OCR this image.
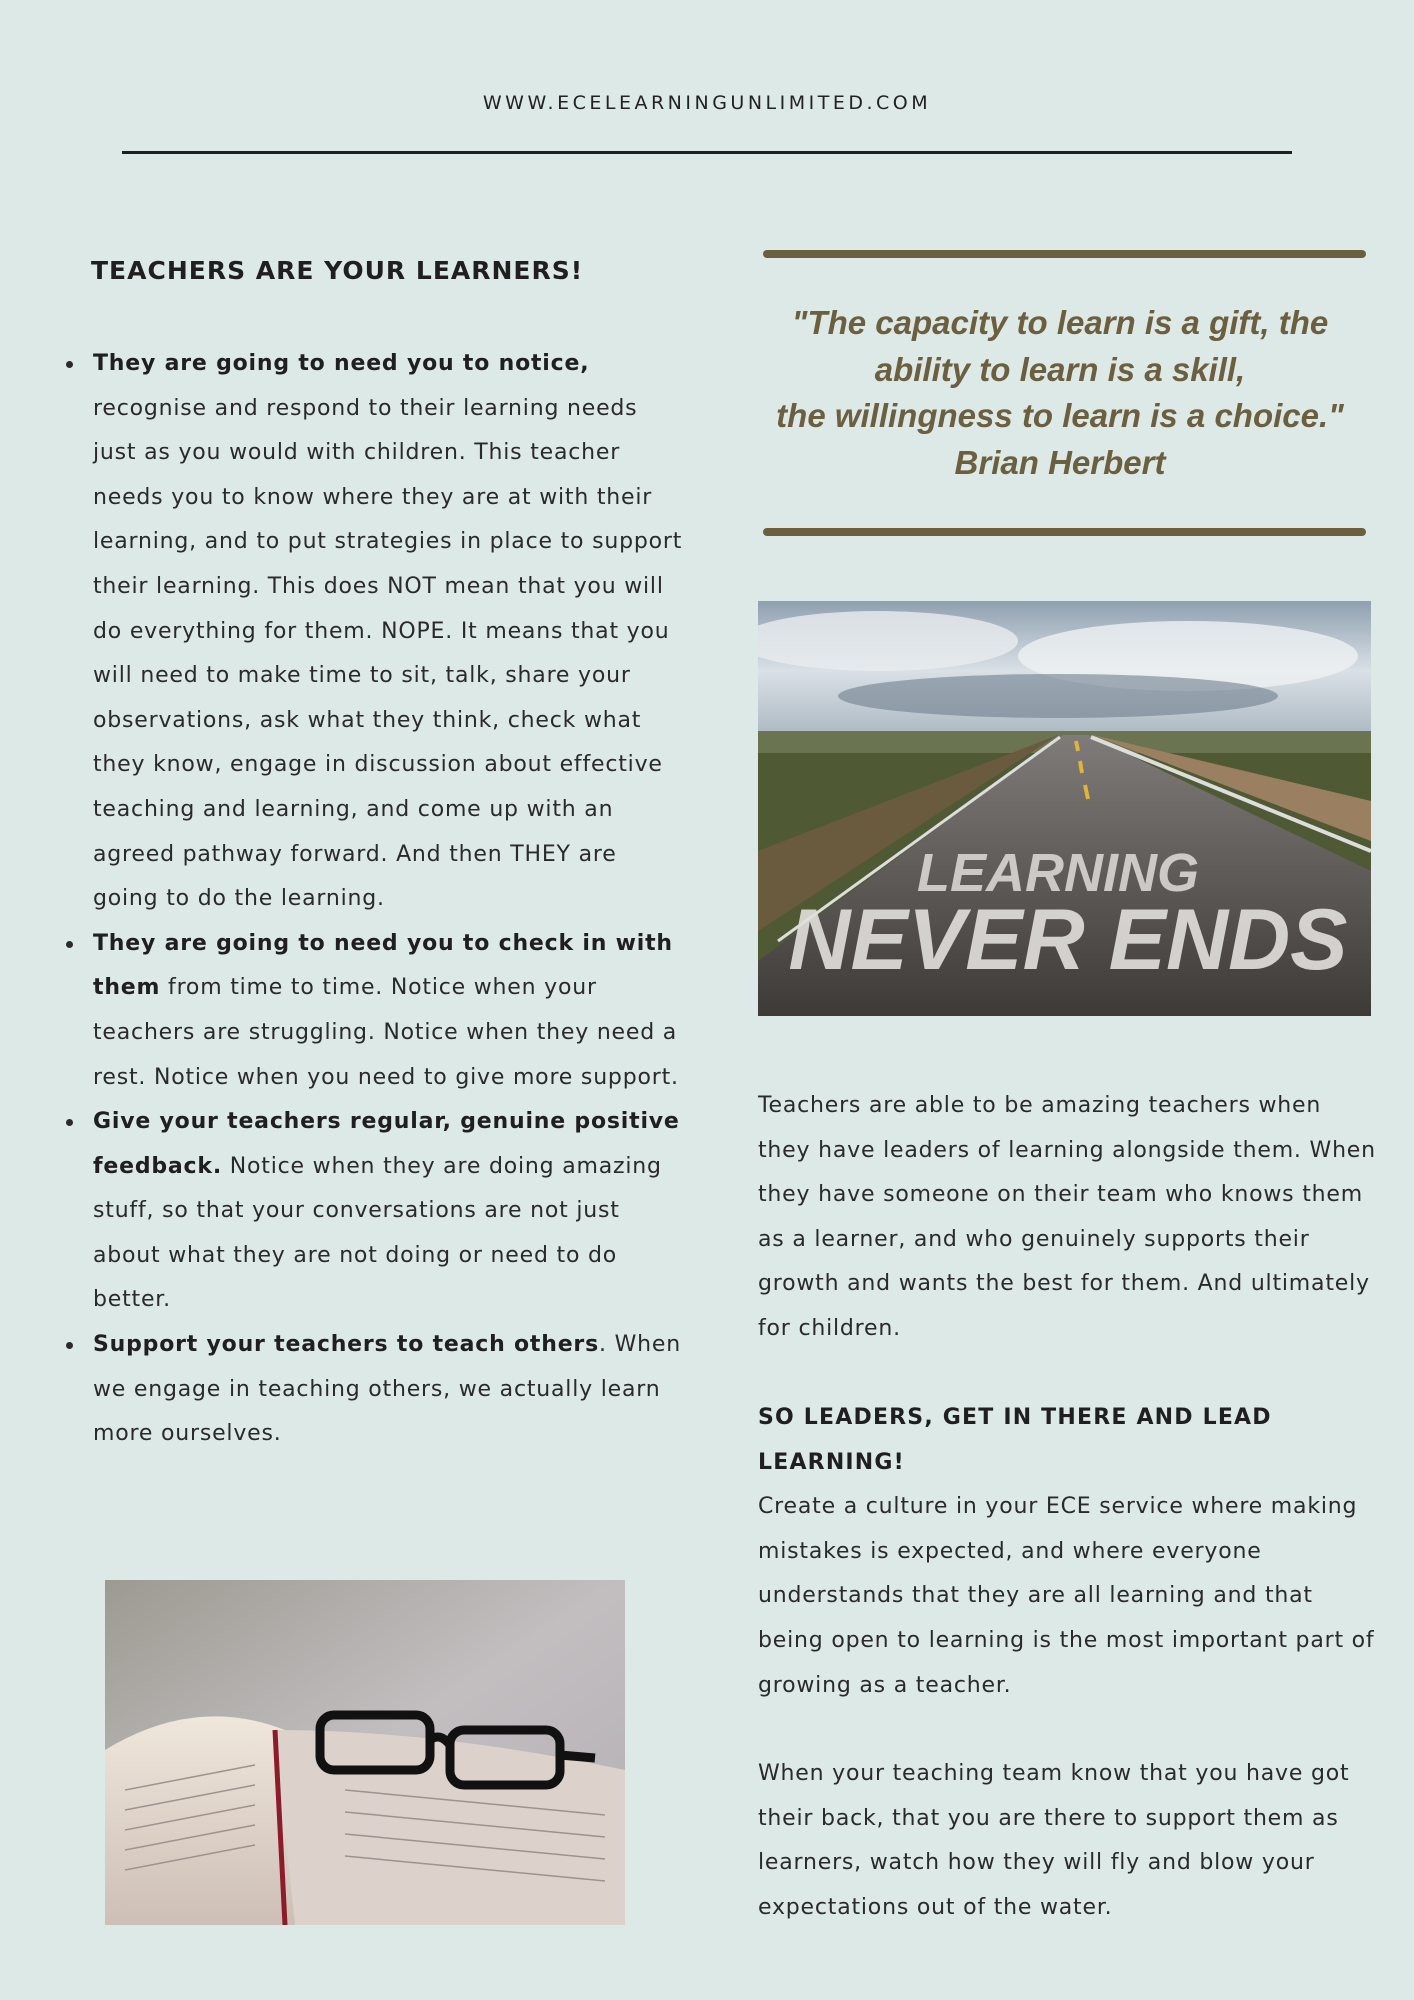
WWW.ECELEARNINGUNLIMITED.COM
TEACHERS ARE YOUR LEARNERS!
They are going to need you to notice, recognise and respond to their learning needs just as you would with children. This teacher needs you to know where they are at with their learning, and to put strategies in place to support their learning. This does NOT mean that you will do everything for them. NOPE. It means that you will need to make time to sit, talk, share your observations, ask what they think, check what they know, engage in discussion about effective teaching and learning, and come up with an agreed pathway forward. And then THEY are going to do the learning.
They are going to need you to check in with them from time to time. Notice when your teachers are struggling. Notice when they need a rest. Notice when you need to give more support.
Give your teachers regular, genuine positive feedback. Notice when they are doing amazing stuff, so that your conversations are not just about what they are not doing or need to do better.
Support your teachers to teach others. When we engage in teaching others, we actually learn more ourselves.
"The capacity to learn is a gift, the
ability to learn is a skill,
the willingness to learn is a choice."
Brian Herbert
LEARNING
NEVER ENDS

Teachers are able to be amazing teachers when they have leaders of learning alongside them. When they have someone on their team who knows them as a learner, and who genuinely supports their growth and wants the best for them. And ultimately for children.

SO LEADERS, GET IN THERE AND LEAD LEARNING!
Create a culture in your ECE service where making mistakes is expected, and where everyone understands that they are all learning and that being open to learning is the most important part of growing as a teacher.

When your teaching team know that you have got their back, that you are there to support them as learners, watch how they will fly and blow your expectations out of the water.
